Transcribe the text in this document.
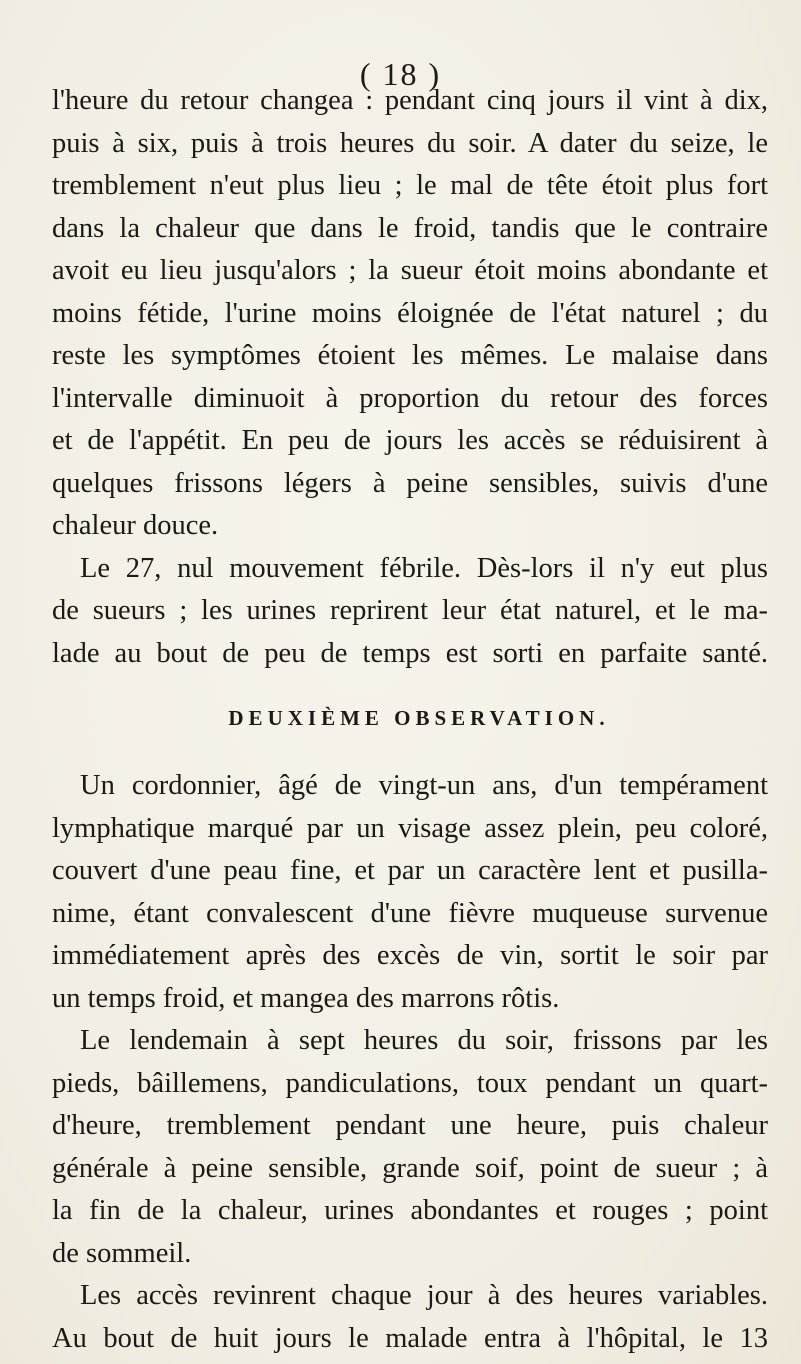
( 18 )
l'heure du retour changea : pendant cinq jours il vint à dix,
puis à six, puis à trois heures du soir. A dater du seize, le
tremblement n'eut plus lieu ; le mal de tête étoit plus fort
dans la chaleur que dans le froid, tandis que le contraire
avoit eu lieu jusqu'alors ; la sueur étoit moins abondante et
moins fétide, l'urine moins éloignée de l'état naturel ; du
reste les symptômes étoient les mêmes. Le malaise dans
l'intervalle diminuoit à proportion du retour des forces
et de l'appétit. En peu de jours les accès se réduisirent à
quelques frissons légers à peine sensibles, suivis d'une
chaleur douce.
Le 27, nul mouvement fébrile. Dès-lors il n'y eut plus
de sueurs ; les urines reprirent leur état naturel, et le ma-
lade au bout de peu de temps est sorti en parfaite santé.
DEUXIÈME OBSERVATION.
Un cordonnier, âgé de vingt-un ans, d'un tempérament
lymphatique marqué par un visage assez plein, peu coloré,
couvert d'une peau fine, et par un caractère lent et pusilla-
nime, étant convalescent d'une fièvre muqueuse survenue
immédiatement après des excès de vin, sortit le soir par
un temps froid, et mangea des marrons rôtis.
Le lendemain à sept heures du soir, frissons par les
pieds, bâillemens, pandiculations, toux pendant un quart-
d'heure, tremblement pendant une heure, puis chaleur
générale à peine sensible, grande soif, point de sueur ; à
la fin de la chaleur, urines abondantes et rouges ; point
de sommeil.
Les accès revinrent chaque jour à des heures variables.
Au bout de huit jours le malade entra à l'hôpital, le 13
